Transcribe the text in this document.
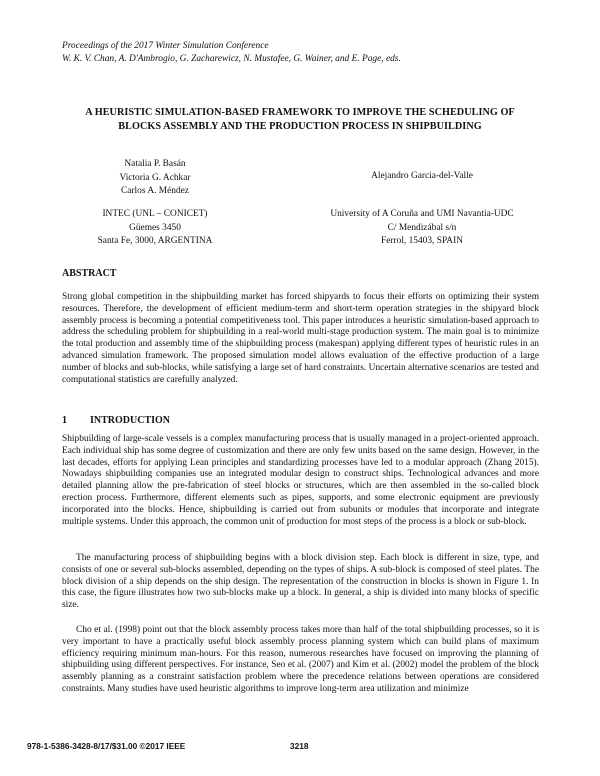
Proceedings of the 2017 Winter Simulation Conference
W. K. V. Chan, A. D'Ambrogio, G. Zacharewicz, N. Mustafee, G. Wainer, and E. Page, eds.
A HEURISTIC SIMULATION-BASED FRAMEWORK TO IMPROVE THE SCHEDULING OF
BLOCKS ASSEMBLY AND THE PRODUCTION PROCESS IN SHIPBUILDING
Natalia P. Basán
Victoria G. Achkar
Carlos A. Méndez
Alejandro Garcia-del-Valle
INTEC (UNL – CONICET)
Güemes 3450
Santa Fe, 3000, ARGENTINA
University of A Coruña and UMI Navantia-UDC
C/ Mendizábal s/n
Ferrol, 15403, SPAIN
ABSTRACT
Strong global competition in the shipbuilding market has forced shipyards to focus their efforts on optimizing their system resources. Therefore, the development of efficient medium-term and short-term operation strategies in the shipyard block assembly process is becoming a potential competitiveness tool. This paper introduces a heuristic simulation-based approach to address the scheduling problem for shipbuilding in a real-world multi-stage production system. The main goal is to minimize the total production and assembly time of the shipbuilding process (makespan) applying different types of heuristic rules in an advanced simulation framework. The proposed simulation model allows evaluation of the effective production of a large number of blocks and sub-blocks, while satisfying a large set of hard constraints. Uncertain alternative scenarios are tested and computational statistics are carefully analyzed.
1 INTRODUCTION
Shipbuilding of large-scale vessels is a complex manufacturing process that is usually managed in a project-oriented approach. Each individual ship has some degree of customization and there are only few units based on the same design. However, in the last decades, efforts for applying Lean principles and standardizing processes have led to a modular approach (Zhang 2015). Nowadays shipbuilding companies use an integrated modular design to construct ships. Technological advances and more detailed planning allow the pre-fabrication of steel blocks or structures, which are then assembled in the so-called block erection process. Furthermore, different elements such as pipes, supports, and some electronic equipment are previously incorporated into the blocks. Hence, shipbuilding is carried out from subunits or modules that incorporate and integrate multiple systems. Under this approach, the common unit of production for most steps of the process is a block or sub-block.
The manufacturing process of shipbuilding begins with a block division step. Each block is different in size, type, and consists of one or several sub-blocks assembled, depending on the types of ships. A sub-block is composed of steel plates. The block division of a ship depends on the ship design. The representation of the construction in blocks is shown in Figure 1. In this case, the figure illustrates how two sub-blocks make up a block. In general, a ship is divided into many blocks of specific size.
Cho et al. (1998) point out that the block assembly process takes more than half of the total shipbuilding processes, so it is very important to have a practically useful block assembly process planning system which can build plans of maximum efficiency requiring minimum man-hours. For this reason, numerous researches have focused on improving the planning of shipbuilding using different perspectives. For instance, Seo et al. (2007) and Kim et al. (2002) model the problem of the block assembly planning as a constraint satisfaction problem where the precedence relations between operations are considered constraints. Many studies have used heuristic algorithms to improve long-term area utilization and minimize
978-1-5386-3428-8/17/$31.00 ©2017 IEEE	3218
